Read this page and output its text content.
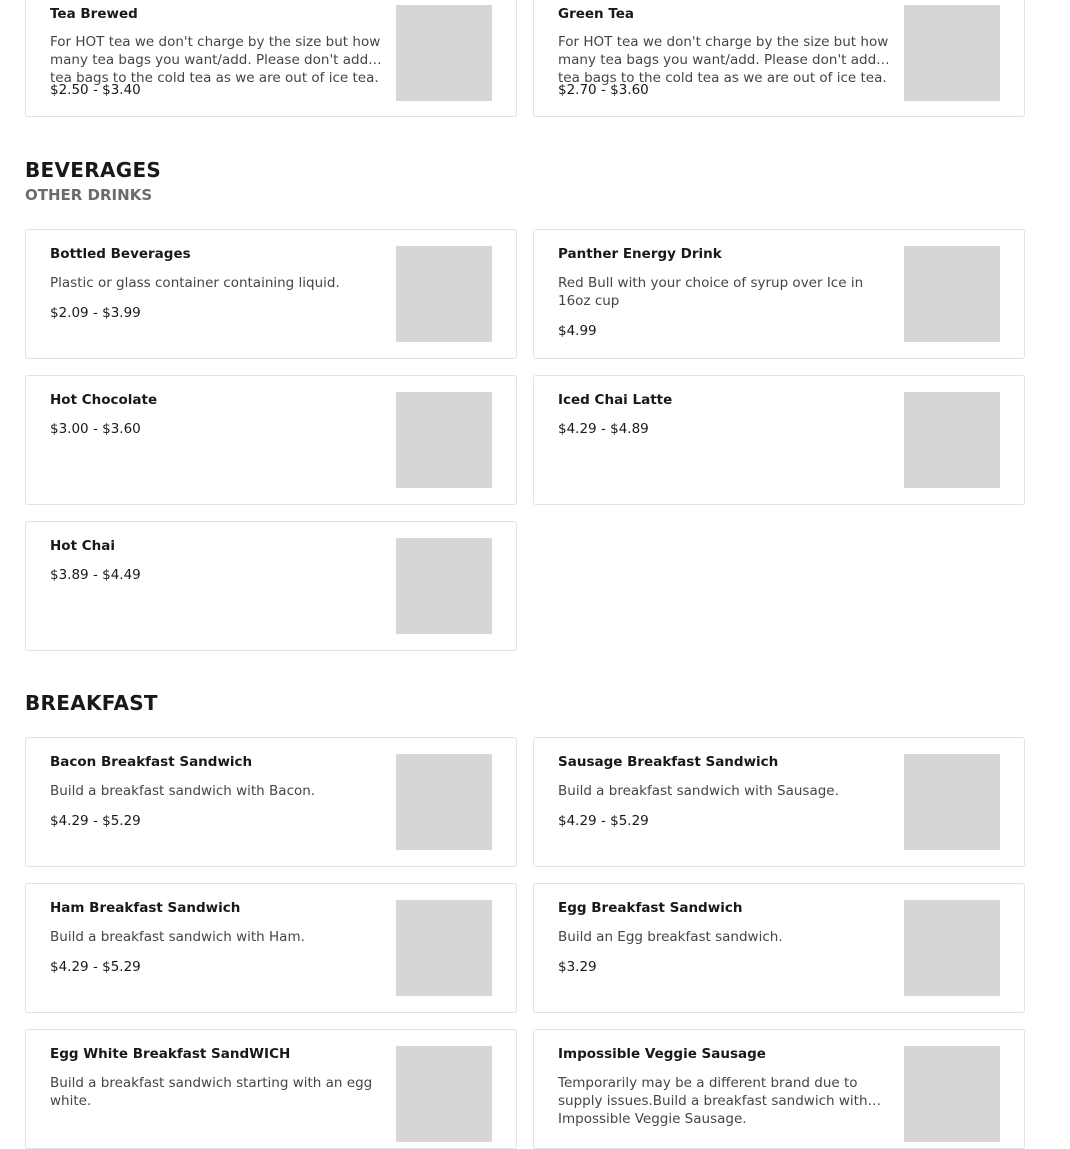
Tea Brewed
For HOT tea we don't charge by the size but how many tea bags you want/add. Please don't add tea bags to the cold tea as we are out of ice tea.
$2.50 - $3.40
Green Tea
For HOT tea we don't charge by the size but how many tea bags you want/add. Please don't add tea bags to the cold tea as we are out of ice tea.
$2.70 - $3.60
BEVERAGES
OTHER DRINKS
Bottled Beverages
Plastic or glass container containing liquid.
$2.09 - $3.99
Panther Energy Drink
Red Bull with your choice of syrup over Ice in 16oz cup
$4.99
Hot Chocolate
$3.00 - $3.60
Iced Chai Latte
$4.29 - $4.89
Hot Chai
$3.89 - $4.49
BREAKFAST
Bacon Breakfast Sandwich
Build a breakfast sandwich with Bacon.
$4.29 - $5.29
Sausage Breakfast Sandwich
Build a breakfast sandwich with Sausage.
$4.29 - $5.29
Ham Breakfast Sandwich
Build a breakfast sandwich with Ham.
$4.29 - $5.29
Egg Breakfast Sandwich
Build an Egg breakfast sandwich.
$3.29
Egg White Breakfast SandWICH
Build a breakfast sandwich starting with an egg white.
Impossible Veggie Sausage
Temporarily may be a different brand due to supply issues.Build a breakfast sandwich with Impossible Veggie Sausage.
